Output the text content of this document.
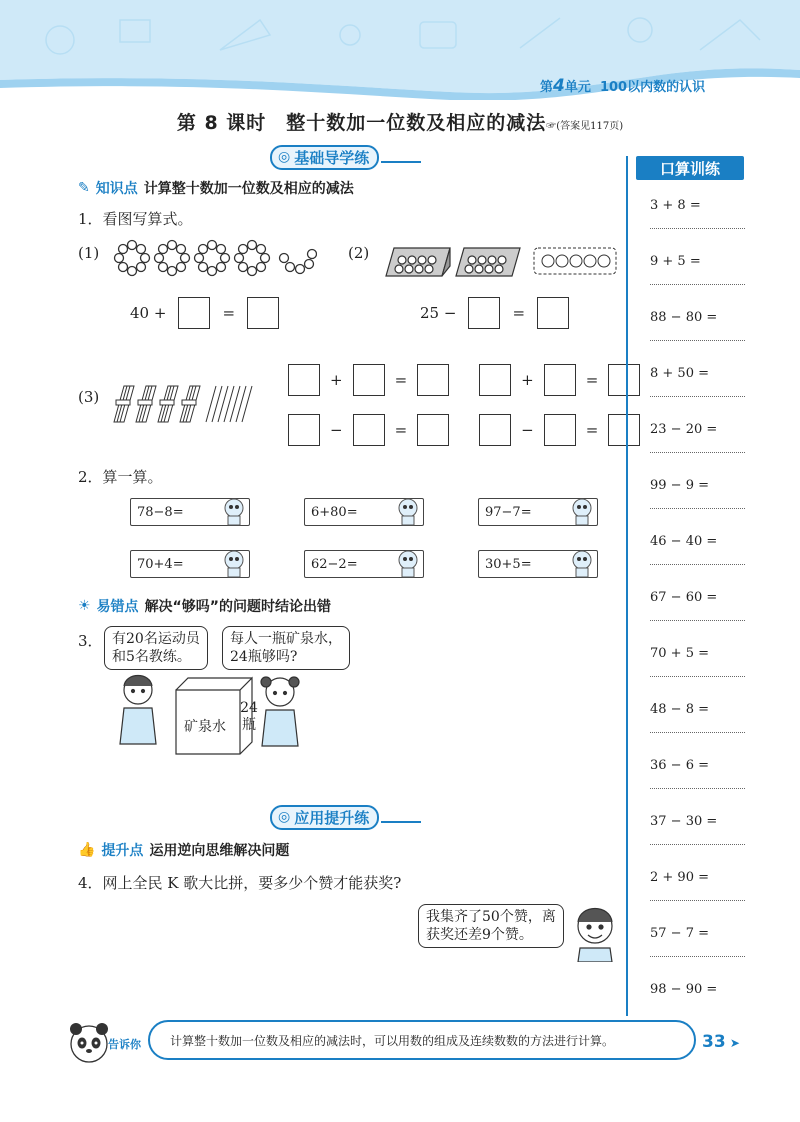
第4单元 100以内数的认识
第 8 课时　整十数加一位数及相应的减法☞(答案见117页)
◎ 基础导学练
✎ 知识点 计算整十数加一位数及相应的减法
1．看图写算式。
(1)
40 +	=
(2)
25 −	=
(3)
+	=	+	=
−	=	−	=
2．算一算。
78−8=	6+80=	97−7=
70+4=	62−2=	30+5=
☀ 易错点 解决“够吗”的问题时结论出错
3． 有20名运动员
和5名教练。
每人一瓶矿泉水，
24瓶够吗?
矿泉水
24
瓶
◎ 应用提升练
👍 提升点 运用逆向思维解决问题
4．网上全民 K 歌大比拼，要多少个赞才能获奖?
我集齐了50个赞，离
获奖还差9个赞。
口算训练
3 + 8 =
9 + 5 =
88 − 80 =
8 + 50 =
23 − 20 =
99 − 9 =
46 − 40 =
67 − 60 =
70 + 5 =
48 − 8 =
36 − 6 =
37 − 30 =
2 + 90 =
57 − 7 =
98 − 90 =
告诉你 计算整十数加一位数及相应的减法时，可以用数的组成及连续数数的方法进行计算。	33 ➤
